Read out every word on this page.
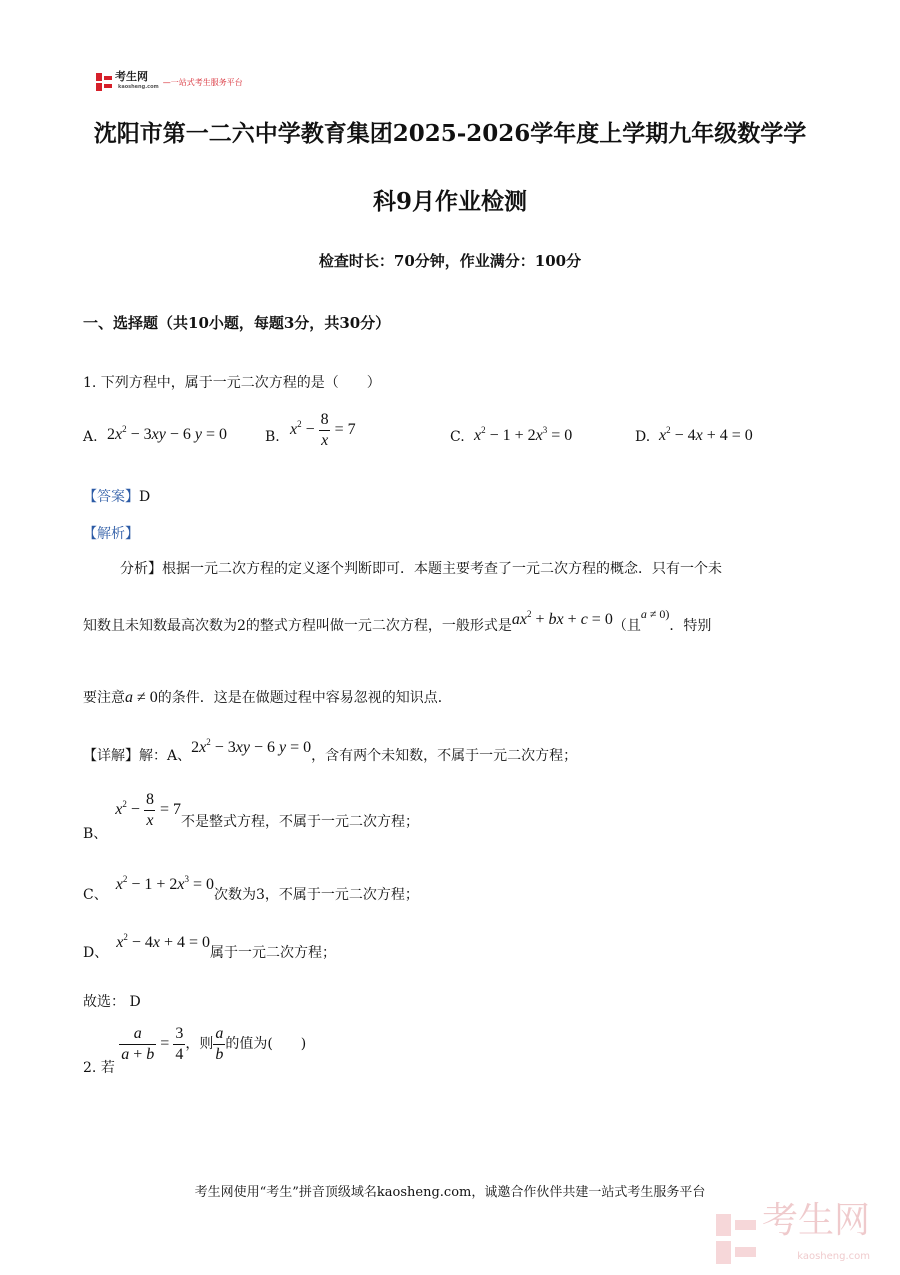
考生网
kaosheng.com
—一站式考生服务平台
沈阳市第一二六中学教育集团2025-2026学年度上学期九年级数学学
科9月作业检测
检查时长：70分钟，作业满分：100分
一、选择题（共10小题，每题3分，共30分）
1. 下列方程中，属于一元二次方程的是（　　）
A. $2x^2 - 3xy - 6$ y = 0	B. $x^2 - \frac{8}{x} = 7$	C. $x^2 - 1 + 2x^3 = 0$	D. $x^2 - 4x + 4 = 0$
【答案】D
【解析】
分析】根据一元二次方程的定义逐个判断即可．本题主要考查了一元二次方程的概念．只有一个未
知数且未知数最高次数为2的整式方程叫做一元二次方程，一般形式是$ax^2$ + bx + c = 0（且a ≠ 0)．特别
要注意a ≠ 0的条件．这是在做题过程中容易忽视的知识点．
【详解】解：A、$2x^2 - 3xy - 6$ y = 0，含有两个未知数，不属于一元二次方程；
B、$x^2 - \frac{8}{x} = 7$不是整式方程，不属于一元二次方程；
C、$x^2 - 1 + 2x^3 = 0$次数为3，不属于一元二次方程；
D、$x^2 - 4x + 4 = 0$属于一元二次方程；
故选： D
2. 若
$\frac{a}{a + b} = \frac{3}{4}$ ，则 $\frac{a}{b}$ 的值为(　　)
考生网使用“考生”拼音顶级域名kaosheng.com，诚邀合作伙伴共建一站式考生服务平台
考生网
kaosheng.com
